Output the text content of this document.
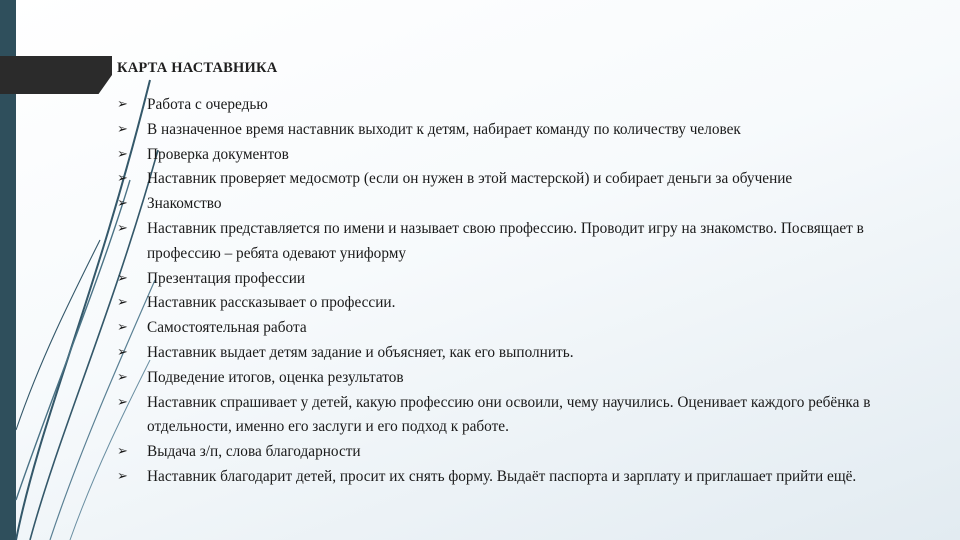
КАРТА НАСТАВНИКА
➢ Работа с очередью
➢ В назначенное время наставник выходит к детям, набирает команду по количеству человек
➢ Проверка документов
➢ Наставник проверяет медосмотр (если он нужен в этой мастерской) и собирает деньги за обучение
➢ Знакомство
➢ Наставник представляется по имени и называет свою профессию. Проводит игру на знакомство. Посвящает в профессию – ребята одевают униформу
➢ Презентация профессии
➢ Наставник рассказывает о профессии.
➢ Самостоятельная работа
➢ Наставник выдает детям задание и объясняет, как его выполнить.
➢ Подведение итогов, оценка результатов
➢ Наставник спрашивает у детей, какую профессию они освоили, чему научились. Оценивает каждого ребёнка в отдельности, именно его заслуги и его подход к работе.
➢ Выдача з/п, слова благодарности
➢ Наставник благодарит детей, просит их снять форму. Выдаёт паспорта и зарплату и приглашает прийти ещё.
